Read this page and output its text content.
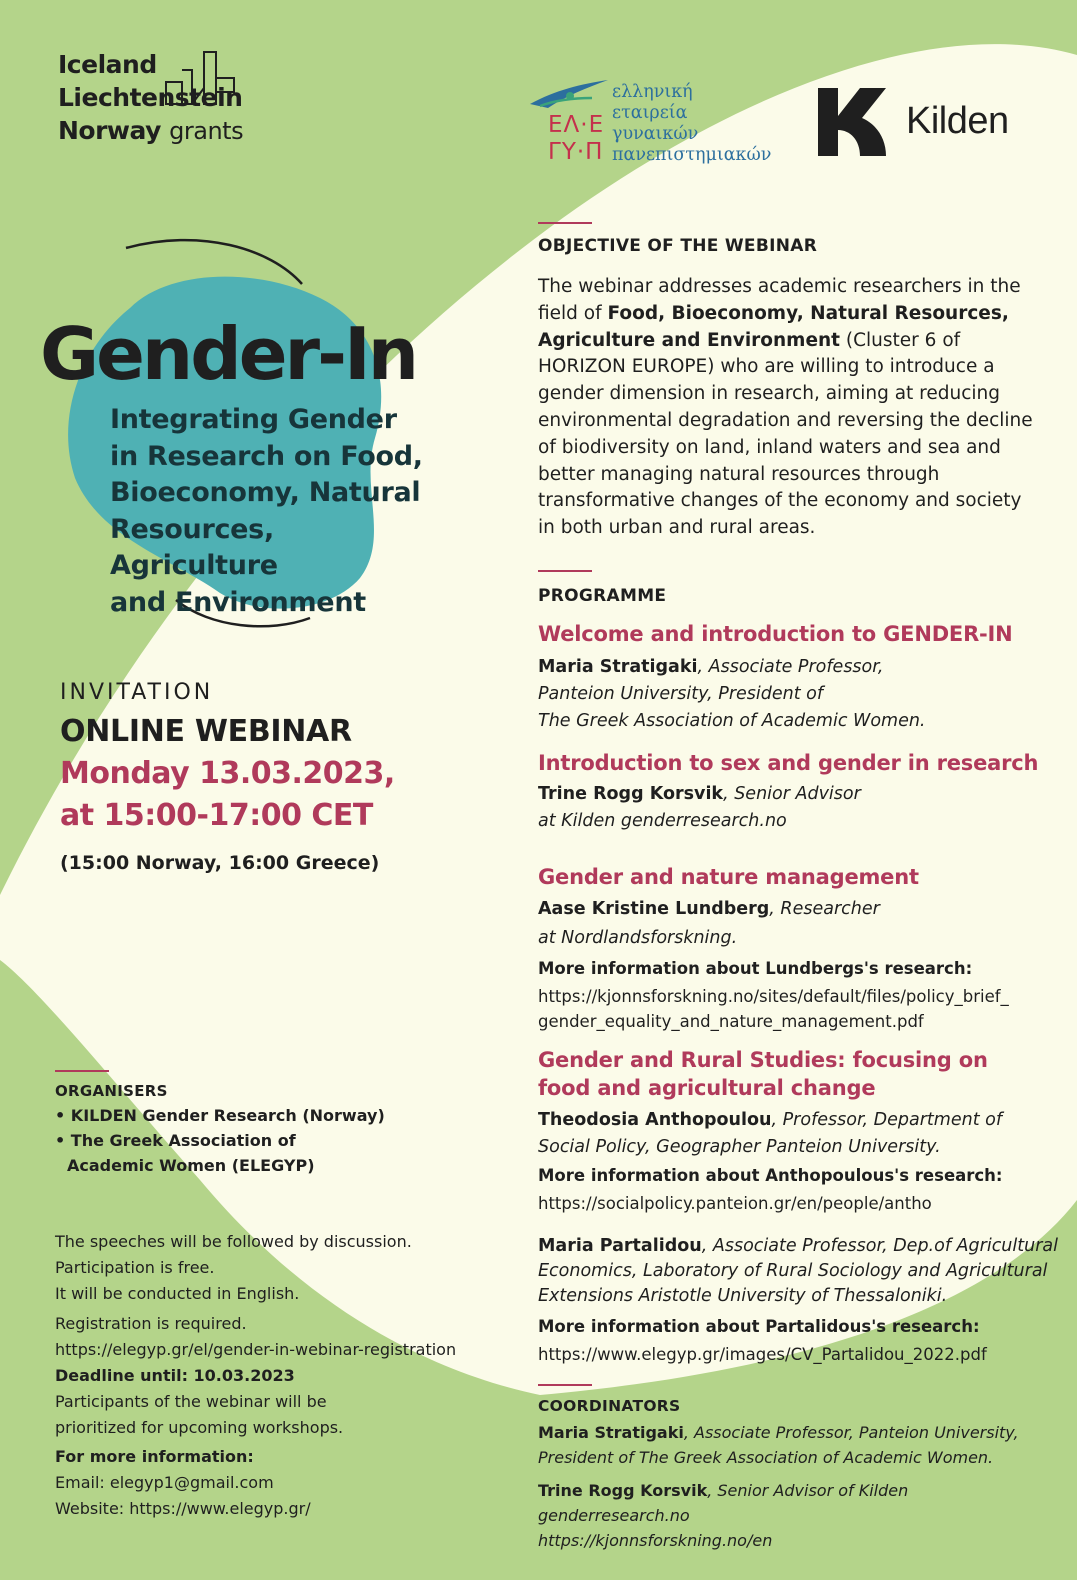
Iceland
Liechtenstein
Norway grants	ΕΛ·Ε
ΓΥ·Π
ελληνική
εταιρεία
γυναικών
πανεπιστημιακών
Kilden
Gender-In
Integrating Gender
in Research on Food,
Bioeconomy, Natural
Resources, Agriculture
and Environment
INVITATION
ONLINE WEBINAR
Monday 13.03.2023,
at 15:00-17:00 CET
(15:00 Norway, 16:00 Greece)
ORGANISERS
• KILDEN Gender Research (Norway)
• The Greek Association of
Academic Women (ELEGYP)
The speeches will be followed by discussion.
Participation is free.
It will be conducted in English.
Registration is required.
https://elegyp.gr/el/gender-in-webinar-registration
Deadline until: 10.03.2023
Participants of the webinar will be
prioritized for upcoming workshops.
For more information:
Email: elegyp1@gmail.com
Website: https://www.elegyp.gr/
OBJECTIVE OF THE WEBINAR
The webinar addresses academic researchers in the field of Food, Bioeconomy, Natural Resources, Agriculture and Environment (Cluster 6 of HORIZON EUROPE) who are willing to introduce a gender dimension in research, aiming at reducing environmental degradation and reversing the decline of biodiversity on land, inland waters and sea and better managing natural resources through transformative changes of the economy and society in both urban and rural areas.
PROGRAMME
Welcome and introduction to GENDER-IN
Maria Stratigaki, Associate Professor,
Panteion University, President of
The Greek Association of Academic Women.
Introduction to sex and gender in research
Trine Rogg Korsvik, Senior Advisor
at Kilden genderresearch.no
Gender and nature management
Aase Kristine Lundberg, Researcher
at Nordlandsforskning.
More information about Lundbergs's research:
https://kjonnsforskning.no/sites/default/files/policy_brief_
gender_equality_and_nature_management.pdf
Gender and Rural Studies: focusing on
food and agricultural change
Theodosia Anthopoulou, Professor, Department of
Social Policy, Geographer Panteion University.
More information about Anthopoulous's research:
https://socialpolicy.panteion.gr/en/people/antho
Maria Partalidou, Associate Professor, Dep.of Agricultural
Economics, Laboratory of Rural Sociology and Agricultural
Extensions Aristotle University of Thessaloniki.
More information about Partalidous's research:
https://www.elegyp.gr/images/CV_Partalidou_2022.pdf
COORDINATORS
Maria Stratigaki, Associate Professor, Panteion University,
President of The Greek Association of Academic Women.
Trine Rogg Korsvik, Senior Advisor of Kilden genderresearch.no
https://kjonnsforskning.no/en
